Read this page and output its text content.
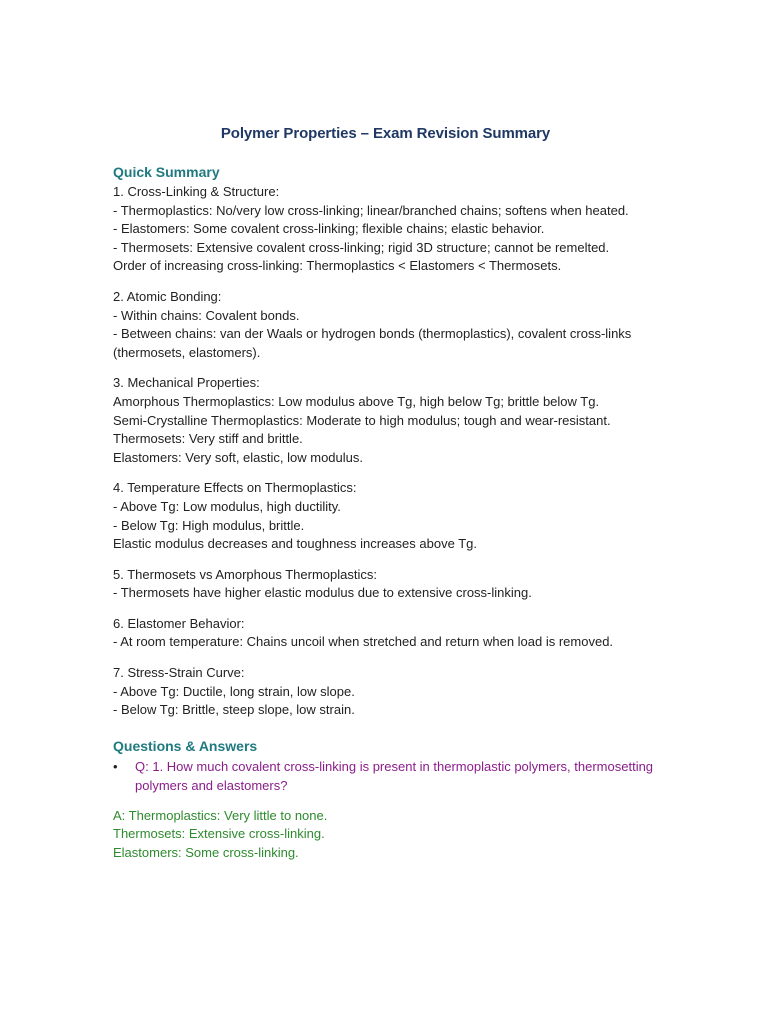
Polymer Properties – Exam Revision Summary
Quick Summary
1. Cross-Linking & Structure:
- Thermoplastics: No/very low cross-linking; linear/branched chains; softens when heated.
- Elastomers: Some covalent cross-linking; flexible chains; elastic behavior.
- Thermosets: Extensive covalent cross-linking; rigid 3D structure; cannot be remelted.
Order of increasing cross-linking: Thermoplastics < Elastomers < Thermosets.
2. Atomic Bonding:
- Within chains: Covalent bonds.
- Between chains: van der Waals or hydrogen bonds (thermoplastics), covalent cross-links (thermosets, elastomers).
3. Mechanical Properties:
Amorphous Thermoplastics: Low modulus above Tg, high below Tg; brittle below Tg.
Semi-Crystalline Thermoplastics: Moderate to high modulus; tough and wear-resistant.
Thermosets: Very stiff and brittle.
Elastomers: Very soft, elastic, low modulus.
4. Temperature Effects on Thermoplastics:
- Above Tg: Low modulus, high ductility.
- Below Tg: High modulus, brittle.
Elastic modulus decreases and toughness increases above Tg.
5. Thermosets vs Amorphous Thermoplastics:
- Thermosets have higher elastic modulus due to extensive cross-linking.
6. Elastomer Behavior:
- At room temperature: Chains uncoil when stretched and return when load is removed.
7. Stress-Strain Curve:
- Above Tg: Ductile, long strain, low slope.
- Below Tg: Brittle, steep slope, low strain.
Questions & Answers
• Q: 1. How much covalent cross-linking is present in thermoplastic polymers, thermosetting polymers and elastomers?
A: Thermoplastics: Very little to none.
Thermosets: Extensive cross-linking.
Elastomers: Some cross-linking.
